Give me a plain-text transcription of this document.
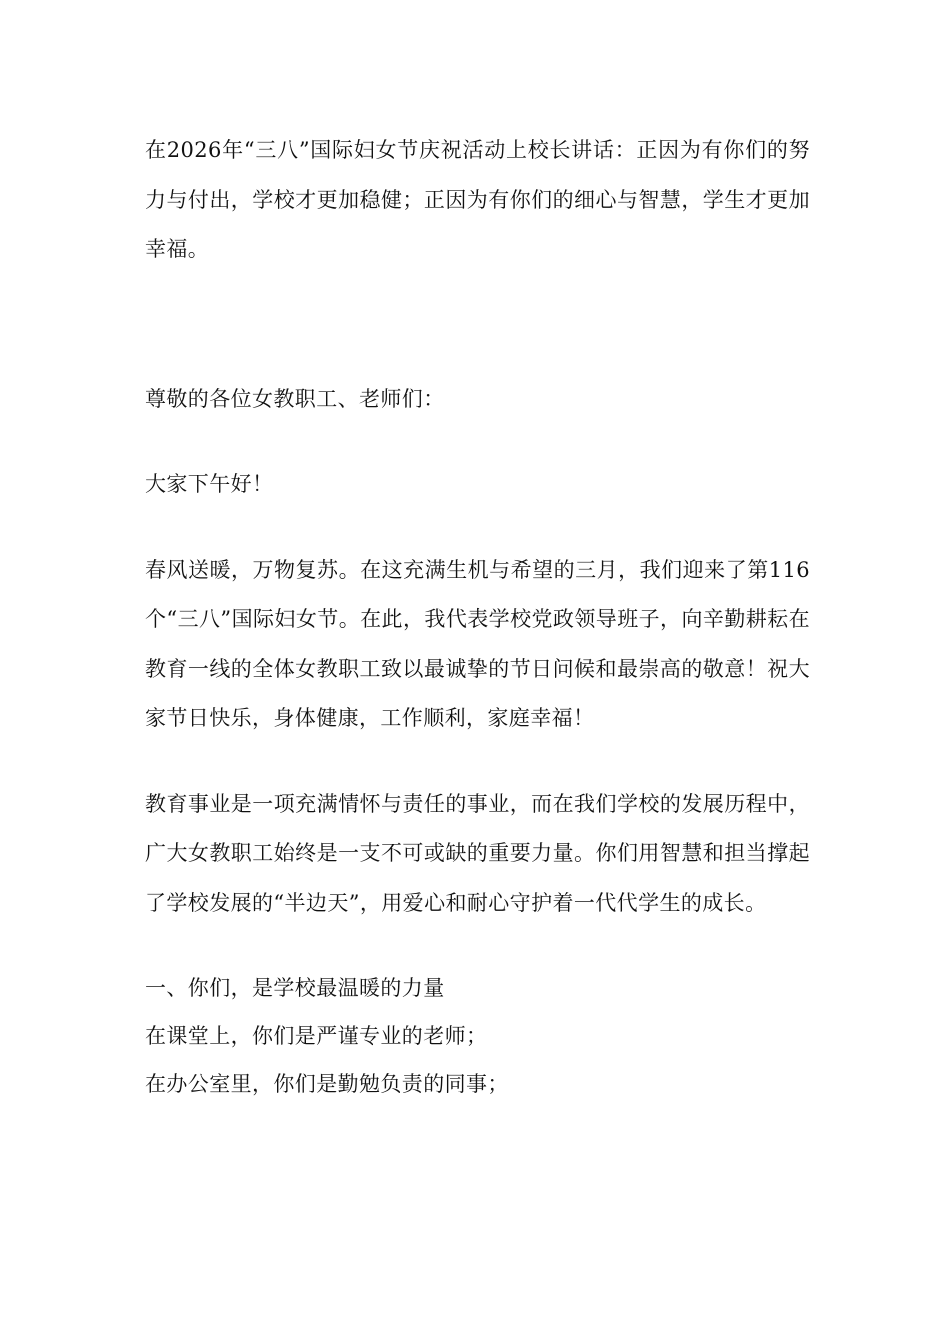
在2026年“三八”国际妇女节庆祝活动上校长讲话：正因为有你们的努力与付出，学校才更加稳健；正因为有你们的细心与智慧，学生才更加幸福。

尊敬的各位女教职工、老师们：

大家下午好！

春风送暖，万物复苏。在这充满生机与希望的三月，我们迎来了第116个“三八”国际妇女节。在此，我代表学校党政领导班子，向辛勤耕耘在教育一线的全体女教职工致以最诚挚的节日问候和最崇高的敬意！祝大家节日快乐，身体健康，工作顺利，家庭幸福！

教育事业是一项充满情怀与责任的事业，而在我们学校的发展历程中，广大女教职工始终是一支不可或缺的重要力量。你们用智慧和担当撑起了学校发展的“半边天”，用爱心和耐心守护着一代代学生的成长。

一、你们，是学校最温暖的力量

在课堂上，你们是严谨专业的老师；

在办公室里，你们是勤勉负责的同事；
